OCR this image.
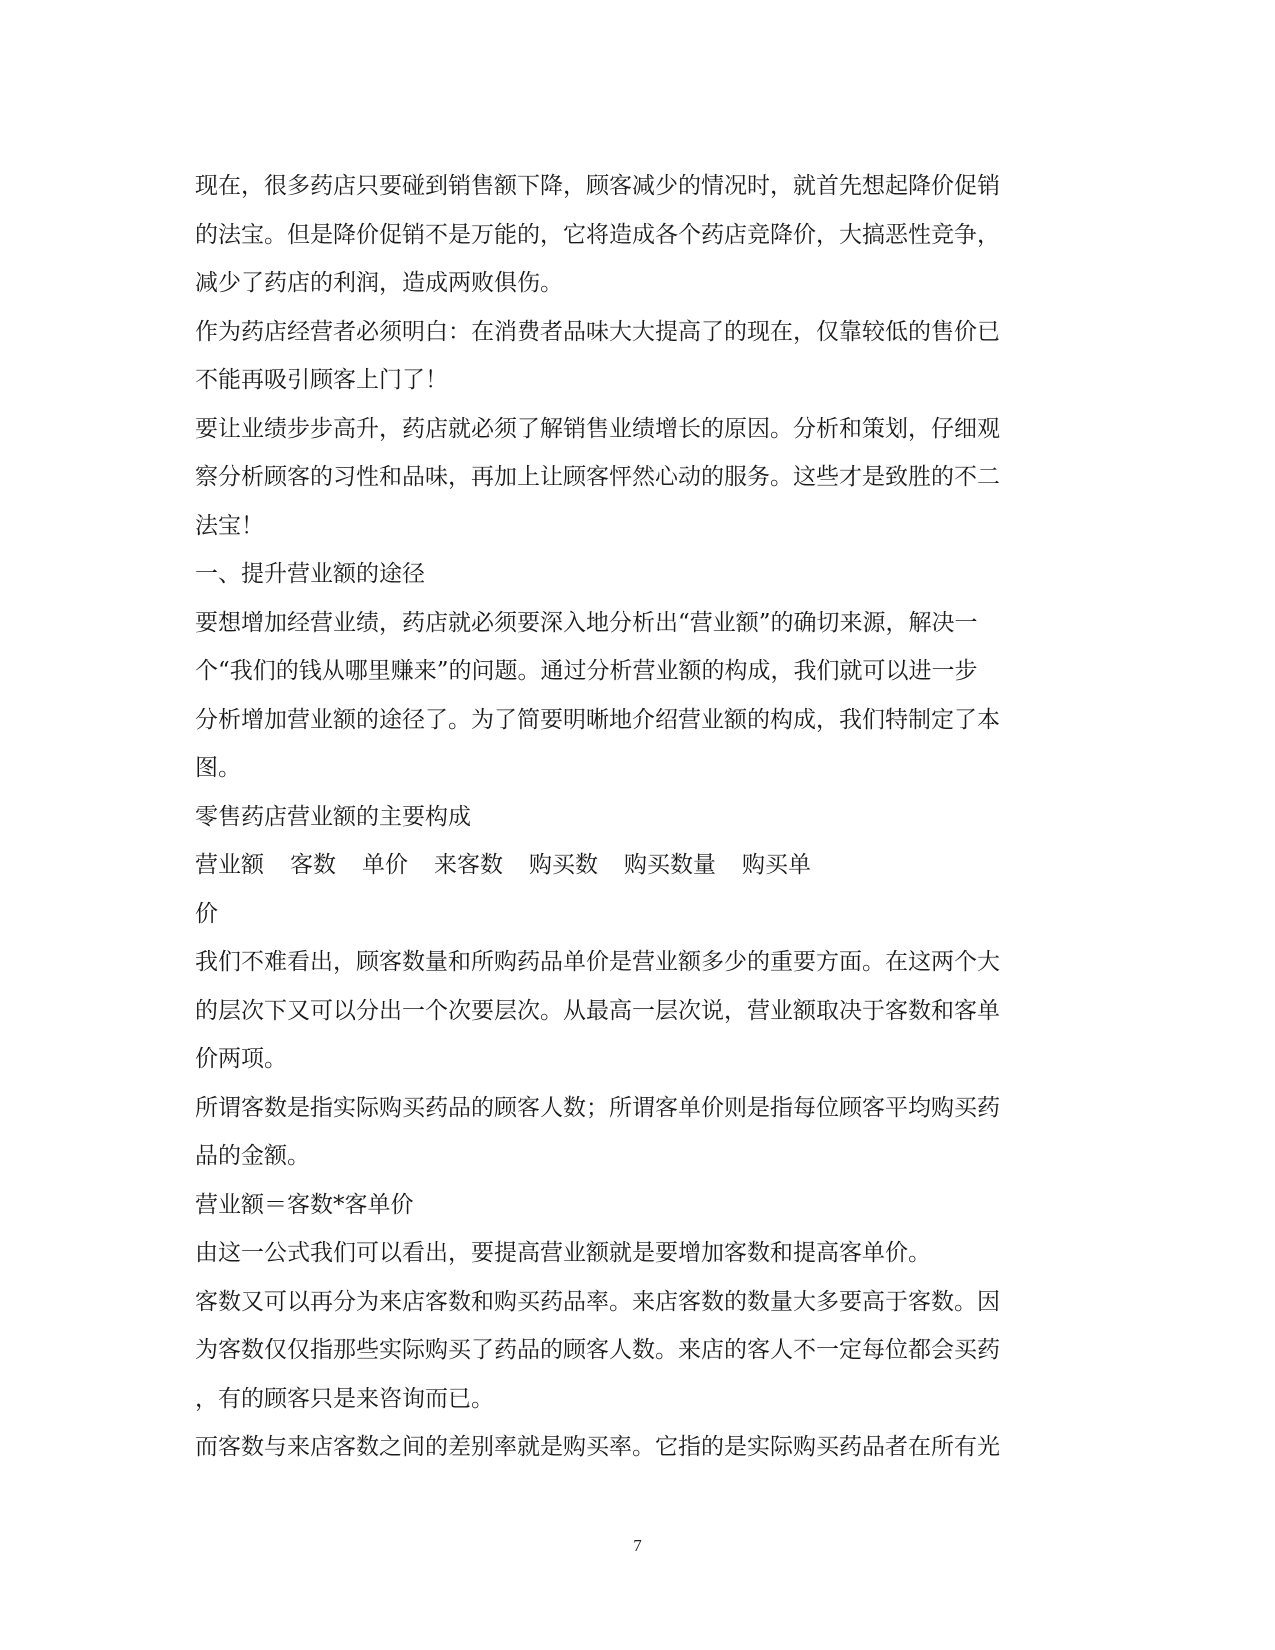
现在，很多药店只要碰到销售额下降，顾客减少的情况时，就首先想起降价促销
的法宝。但是降价促销不是万能的，它将造成各个药店竞降价，大搞恶性竞争，
减少了药店的利润，造成两败俱伤。
作为药店经营者必须明白：在消费者品味大大提高了的现在，仅靠较低的售价已
不能再吸引顾客上门了！
要让业绩步步高升，药店就必须了解销售业绩增长的原因。分析和策划，仔细观
察分析顾客的习性和品味，再加上让顾客怦然心动的服务。这些才是致胜的不二
法宝！
一、提升营业额的途径
要想增加经营业绩，药店就必须要深入地分析出“营业额”的确切来源，解决一
个“我们的钱从哪里赚来”的问题。通过分析营业额的构成，我们就可以进一步
分析增加营业额的途径了。为了简要明晰地介绍营业额的构成，我们特制定了本
图。
零售药店营业额的主要构成
营业额 客数 单价 来客数 购买数 购买数量 购买单
价
我们不难看出，顾客数量和所购药品单价是营业额多少的重要方面。在这两个大
的层次下又可以分出一个次要层次。从最高一层次说，营业额取决于客数和客单
价两项。
所谓客数是指实际购买药品的顾客人数；所谓客单价则是指每位顾客平均购买药
品的金额。
营业额＝客数*客单价
由这一公式我们可以看出，要提高营业额就是要增加客数和提高客单价。
客数又可以再分为来店客数和购买药品率。来店客数的数量大多要高于客数。因
为客数仅仅指那些实际购买了药品的顾客人数。来店的客人不一定每位都会买药
，有的顾客只是来咨询而已。
而客数与来店客数之间的差别率就是购买率。它指的是实际购买药品者在所有光
7
